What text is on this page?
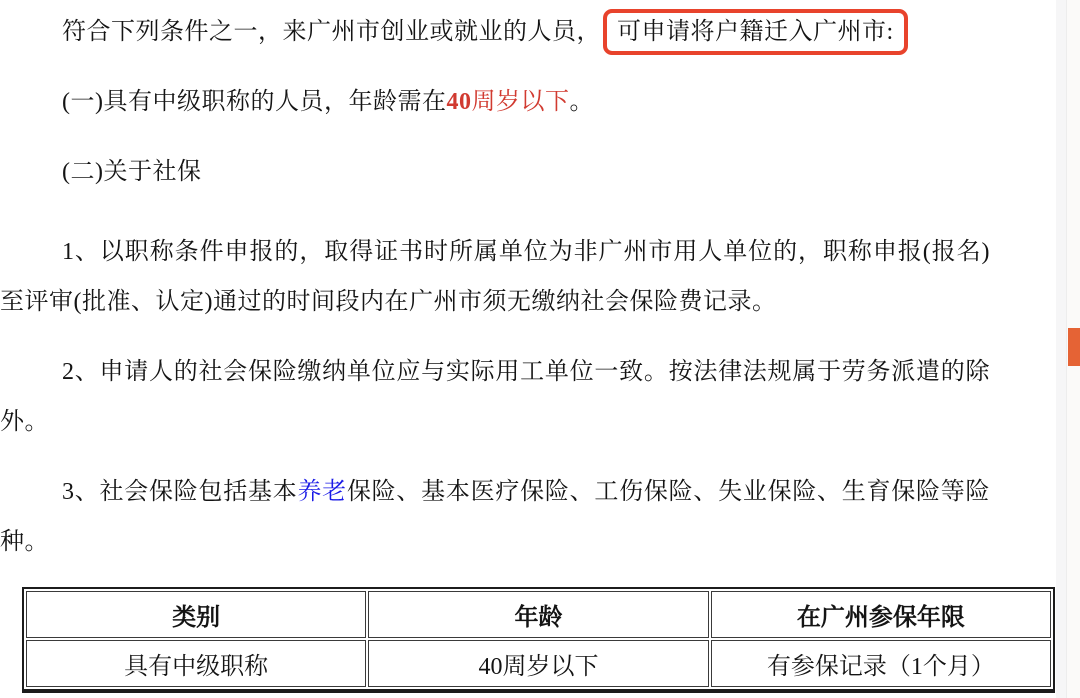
符合下列条件之一，来广州市创业或就业的人员， 可申请将户籍迁入广州市:

(一)具有中级职称的人员，年龄需在40周岁以下。

(二)关于社保

1、以职称条件申报的，取得证书时所属单位为非广州市用人单位的，职称申报(报名)至评审(批准、认定)通过的时间段内在广州市须无缴纳社会保险费记录。

2、申请人的社会保险缴纳单位应与实际用工单位一致。按法律法规属于劳务派遣的除外。

3、社会保险包括基本养老保险、基本医疗保险、工伤保险、失业保险、生育保险等险种。

类别	年龄	在广州参保年限
具有中级职称	40周岁以下	有参保记录（1个月）
